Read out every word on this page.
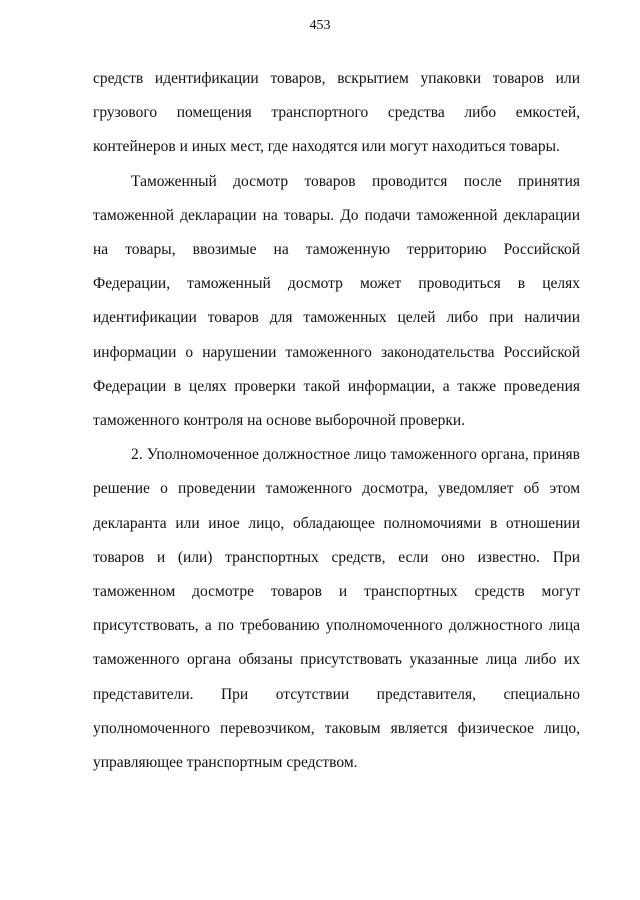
453

средств идентификации товаров, вскрытием упаковки товаров или грузового помещения транспортного средства либо емкостей, контейнеров и иных мест, где находятся или могут находиться товары.

Таможенный досмотр товаров проводится после принятия таможенной декларации на товары. До подачи таможенной декларации на товары, ввозимые на таможенную территорию Российской Федерации, таможенный досмотр может проводиться в целях идентификации товаров для таможенных целей либо при наличии информации о нарушении таможенного законодательства Российской Федерации в целях проверки такой информации, а также проведения таможенного контроля на основе выборочной проверки.

2. Уполномоченное должностное лицо таможенного органа, приняв решение о проведении таможенного досмотра, уведомляет об этом декларанта или иное лицо, обладающее полномочиями в отношении товаров и (или) транспортных средств, если оно известно. При таможенном досмотре товаров и транспортных средств могут присутствовать, а по требованию уполномоченного должностного лица таможенного органа обязаны присутствовать указанные лица либо их представители. При отсутствии представителя, специально уполномоченного перевозчиком, таковым является физическое лицо, управляющее транспортным средством.
